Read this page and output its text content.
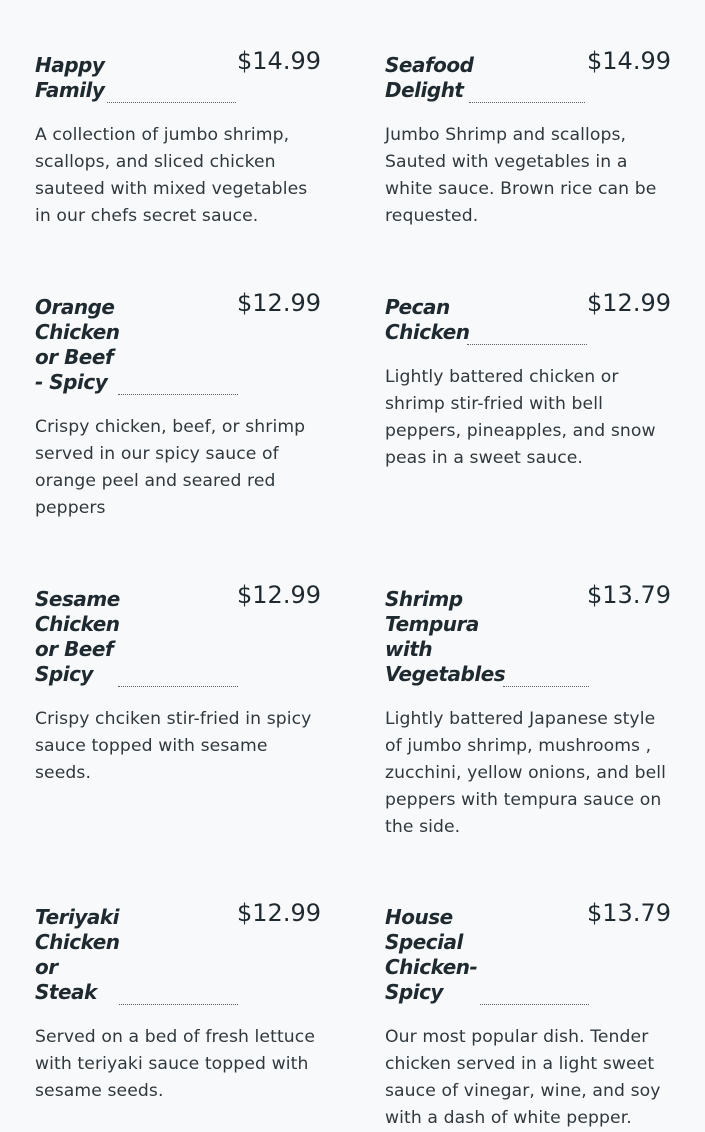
Happy Family
$14.99
A collection of jumbo shrimp, scallops, and sliced chicken sauteed with mixed vegetables in our chefs secret sauce.
Seafood Delight
$14.99
Jumbo Shrimp and scallops, Sauted with vegetables in a white sauce. Brown rice can be requested.
Orange Chicken or Beef - Spicy
$12.99
Crispy chicken, beef, or shrimp served in our spicy sauce of orange peel and seared red peppers
Pecan Chicken
$12.99
Lightly battered chicken or shrimp stir-fried with bell peppers, pineapples, and snow peas in a sweet sauce.
Sesame Chicken or Beef Spicy
$12.99
Crispy chciken stir-fried in spicy sauce topped with sesame seeds.
Shrimp Tempura with Vegetables
$13.79
Lightly battered Japanese style of jumbo shrimp, mushrooms , zucchini, yellow onions, and bell peppers with tempura sauce on the side.
Teriyaki Chicken or Steak
$12.99
Served on a bed of fresh lettuce with teriyaki sauce topped with sesame seeds.
House Special Chicken-Spicy
$13.79
Our most popular dish. Tender chicken served in a light sweet sauce of vinegar, wine, and soy with a dash of white pepper.
